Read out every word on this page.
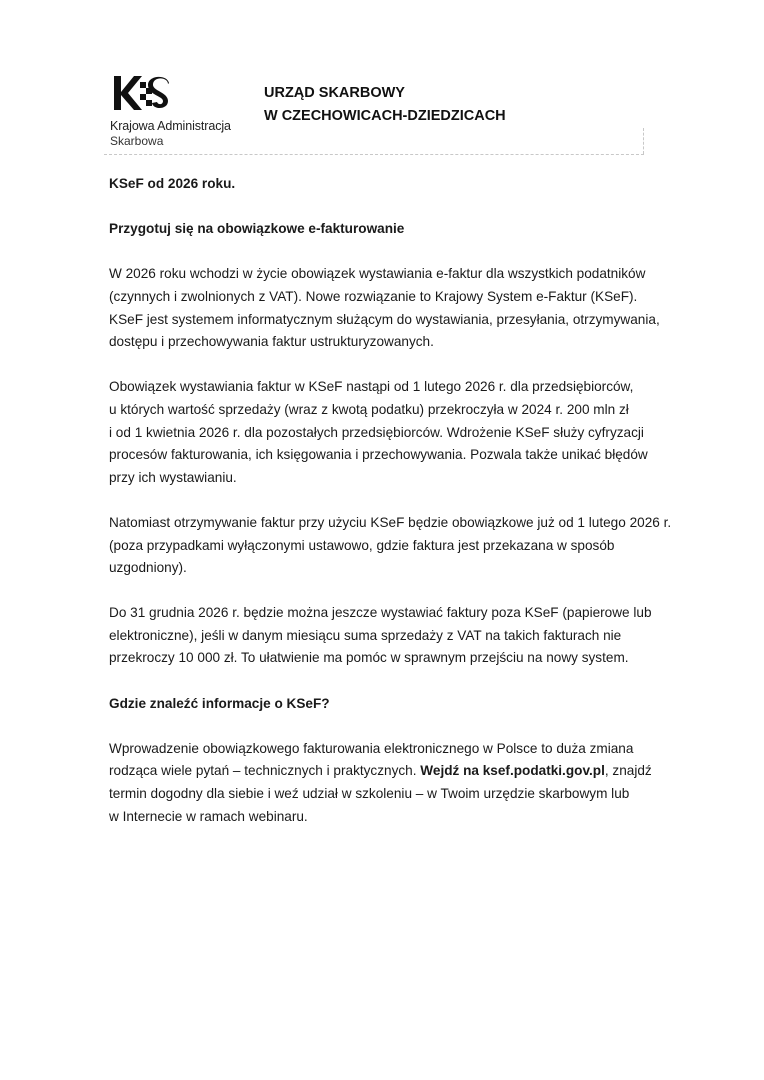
Krajowa Administracja
Skarbowa
URZĄD SKARBOWY
W CZECHOWICACH-DZIEDZICACH

KSeF od 2026 roku.

Przygotuj się na obowiązkowe e-fakturowanie

W 2026 roku wchodzi w życie obowiązek wystawiania e-faktur dla wszystkich podatników
(czynnych i zwolnionych z VAT). Nowe rozwiązanie to Krajowy System e-Faktur (KSeF).
KSeF jest systemem informatycznym służącym do wystawiania, przesyłania, otrzymywania,
dostępu i przechowywania faktur ustrukturyzowanych.

Obowiązek wystawiania faktur w KSeF nastąpi od 1 lutego 2026 r. dla przedsiębiorców,
u których wartość sprzedaży (wraz z kwotą podatku) przekroczyła w 2024 r. 200 mln zł
i od 1 kwietnia 2026 r. dla pozostałych przedsiębiorców. Wdrożenie KSeF służy cyfryzacji
procesów fakturowania, ich księgowania i przechowywania. Pozwala także unikać błędów
przy ich wystawianiu.

Natomiast otrzymywanie faktur przy użyciu KSeF będzie obowiązkowe już od 1 lutego 2026 r.
(poza przypadkami wyłączonymi ustawowo, gdzie faktura jest przekazana w sposób
uzgodniony).

Do 31 grudnia 2026 r. będzie można jeszcze wystawiać faktury poza KSeF (papierowe lub
elektroniczne), jeśli w danym miesiącu suma sprzedaży z VAT na takich fakturach nie
przekroczy 10 000 zł. To ułatwienie ma pomóc w sprawnym przejściu na nowy system.

Gdzie znaleźć informacje o KSeF?

Wprowadzenie obowiązkowego fakturowania elektronicznego w Polsce to duża zmiana
rodząca wiele pytań – technicznych i praktycznych. Wejdź na ksef.podatki.gov.pl, znajdź
termin dogodny dla siebie i weź udział w szkoleniu – w Twoim urzędzie skarbowym lub
w Internecie w ramach webinaru.
